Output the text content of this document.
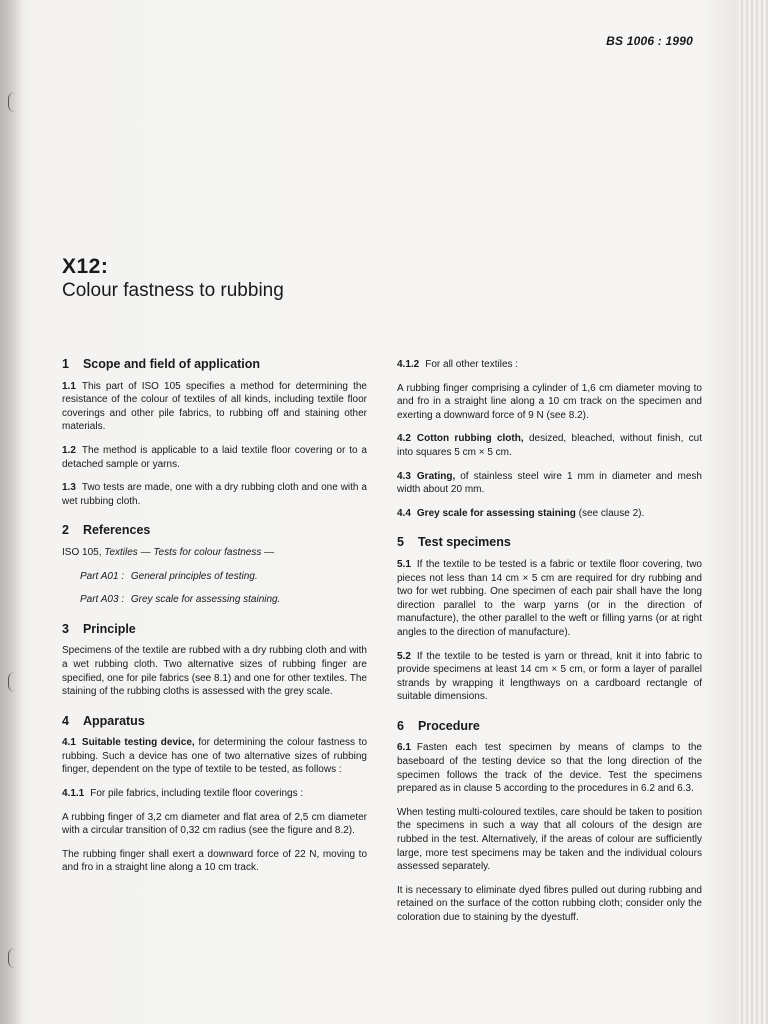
BS 1006 : 1990
X12:
Colour fastness to rubbing
1 Scope and field of application
1.1 This part of ISO 105 specifies a method for determining the resistance of the colour of textiles of all kinds, including textile floor coverings and other pile fabrics, to rubbing off and staining other materials.
1.2 The method is applicable to a laid textile floor covering or to a detached sample or yarns.
1.3 Two tests are made, one with a dry rubbing cloth and one with a wet rubbing cloth.
2 References
ISO 105, Textiles — Tests for colour fastness —
Part A01 : General principles of testing.
Part A03 : Grey scale for assessing staining.
3 Principle
Specimens of the textile are rubbed with a dry rubbing cloth and with a wet rubbing cloth. Two alternative sizes of rubbing finger are specified, one for pile fabrics (see 8.1) and one for other textiles. The staining of the rubbing cloths is assessed with the grey scale.
4 Apparatus
4.1 Suitable testing device, for determining the colour fastness to rubbing. Such a device has one of two alternative sizes of rubbing finger, dependent on the type of textile to be tested, as follows :
4.1.1 For pile fabrics, including textile floor coverings :
A rubbing finger of 3,2 cm diameter and flat area of 2,5 cm diameter with a circular transition of 0,32 cm radius (see the figure and 8.2).
The rubbing finger shall exert a downward force of 22 N, moving to and fro in a straight line along a 10 cm track.
4.1.2 For all other textiles :
A rubbing finger comprising a cylinder of 1,6 cm diameter moving to and fro in a straight line along a 10 cm track on the specimen and exerting a downward force of 9 N (see 8.2).
4.2 Cotton rubbing cloth, desized, bleached, without finish, cut into squares 5 cm × 5 cm.
4.3 Grating, of stainless steel wire 1 mm in diameter and mesh width about 20 mm.
4.4 Grey scale for assessing staining (see clause 2).
5 Test specimens
5.1 If the textile to be tested is a fabric or textile floor covering, two pieces not less than 14 cm × 5 cm are required for dry rubbing and two for wet rubbing. One specimen of each pair shall have the long direction parallel to the warp yarns (or in the direction of manufacture), the other parallel to the weft or filling yarns (or at right angles to the direction of manufacture).
5.2 If the textile to be tested is yarn or thread, knit it into fabric to provide specimens at least 14 cm × 5 cm, or form a layer of parallel strands by wrapping it lengthways on a cardboard rectangle of suitable dimensions.
6 Procedure
6.1 Fasten each test specimen by means of clamps to the baseboard of the testing device so that the long direction of the specimen follows the track of the device. Test the specimens prepared as in clause 5 according to the procedures in 6.2 and 6.3.
When testing multi-coloured textiles, care should be taken to position the specimens in such a way that all colours of the design are rubbed in the test. Alternatively, if the areas of colour are sufficiently large, more test specimens may be taken and the individual colours assessed separately.
It is necessary to eliminate dyed fibres pulled out during rubbing and retained on the surface of the cotton rubbing cloth; consider only the coloration due to staining by the dyestuff.
